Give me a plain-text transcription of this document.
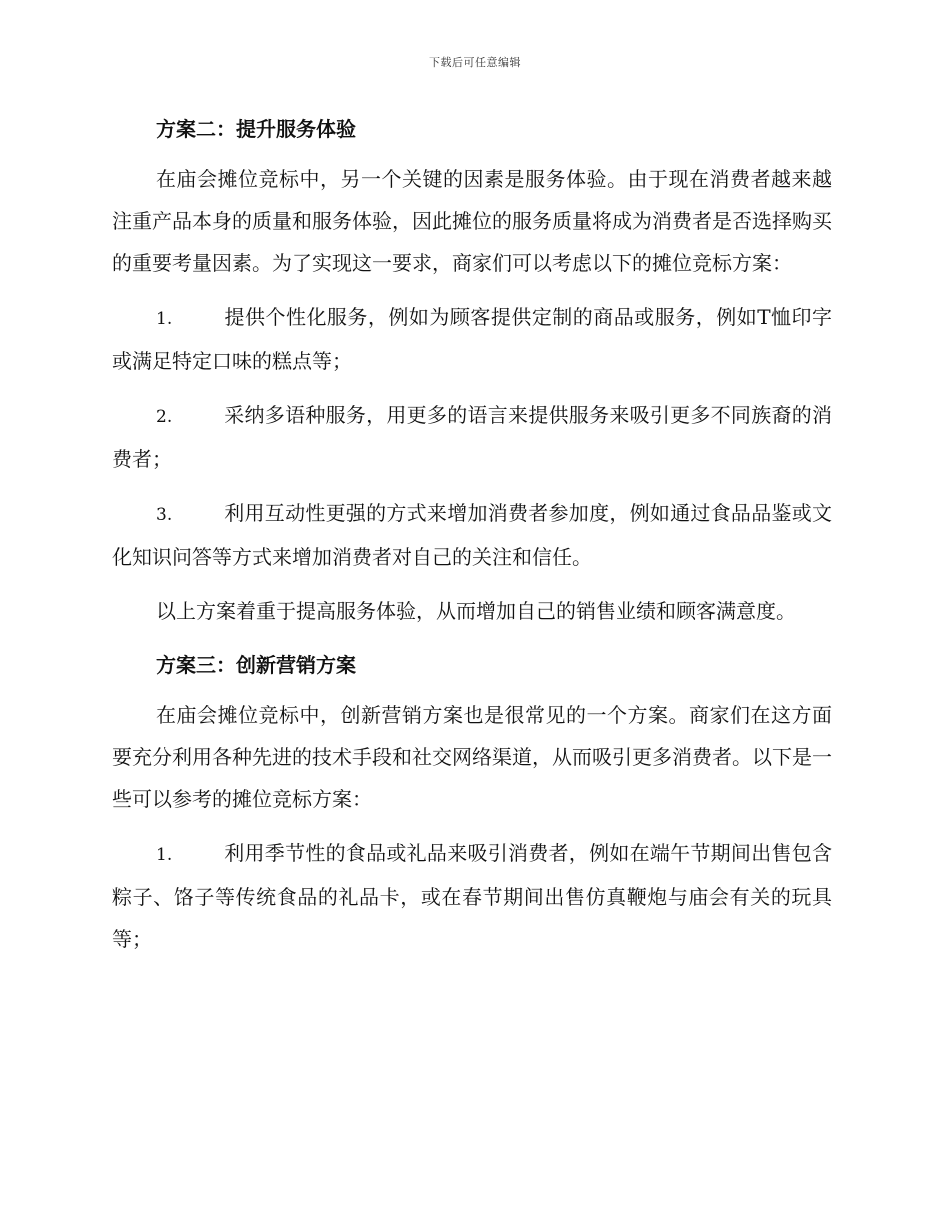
下载后可任意编辑
方案二：提升服务体验
在庙会摊位竞标中，另一个关键的因素是服务体验。由于现在消费者越来越注重产品本身的质量和服务体验，因此摊位的服务质量将成为消费者是否选择购买的重要考量因素。为了实现这一要求，商家们可以考虑以下的摊位竞标方案：
1.	提供个性化服务，例如为顾客提供定制的商品或服务，例如T恤印字或满足特定口味的糕点等；
2.	采纳多语种服务，用更多的语言来提供服务来吸引更多不同族裔的消费者；
3.	利用互动性更强的方式来增加消费者参加度，例如通过食品品鉴或文化知识问答等方式来增加消费者对自己的关注和信任。
以上方案着重于提高服务体验，从而增加自己的销售业绩和顾客满意度。
方案三：创新营销方案
在庙会摊位竞标中，创新营销方案也是很常见的一个方案。商家们在这方面要充分利用各种先进的技术手段和社交网络渠道，从而吸引更多消费者。以下是一些可以参考的摊位竞标方案：
1.	利用季节性的食品或礼品来吸引消费者，例如在端午节期间出售包含粽子、饹子等传统食品的礼品卡，或在春节期间出售仿真鞭炮与庙会有关的玩具等；
